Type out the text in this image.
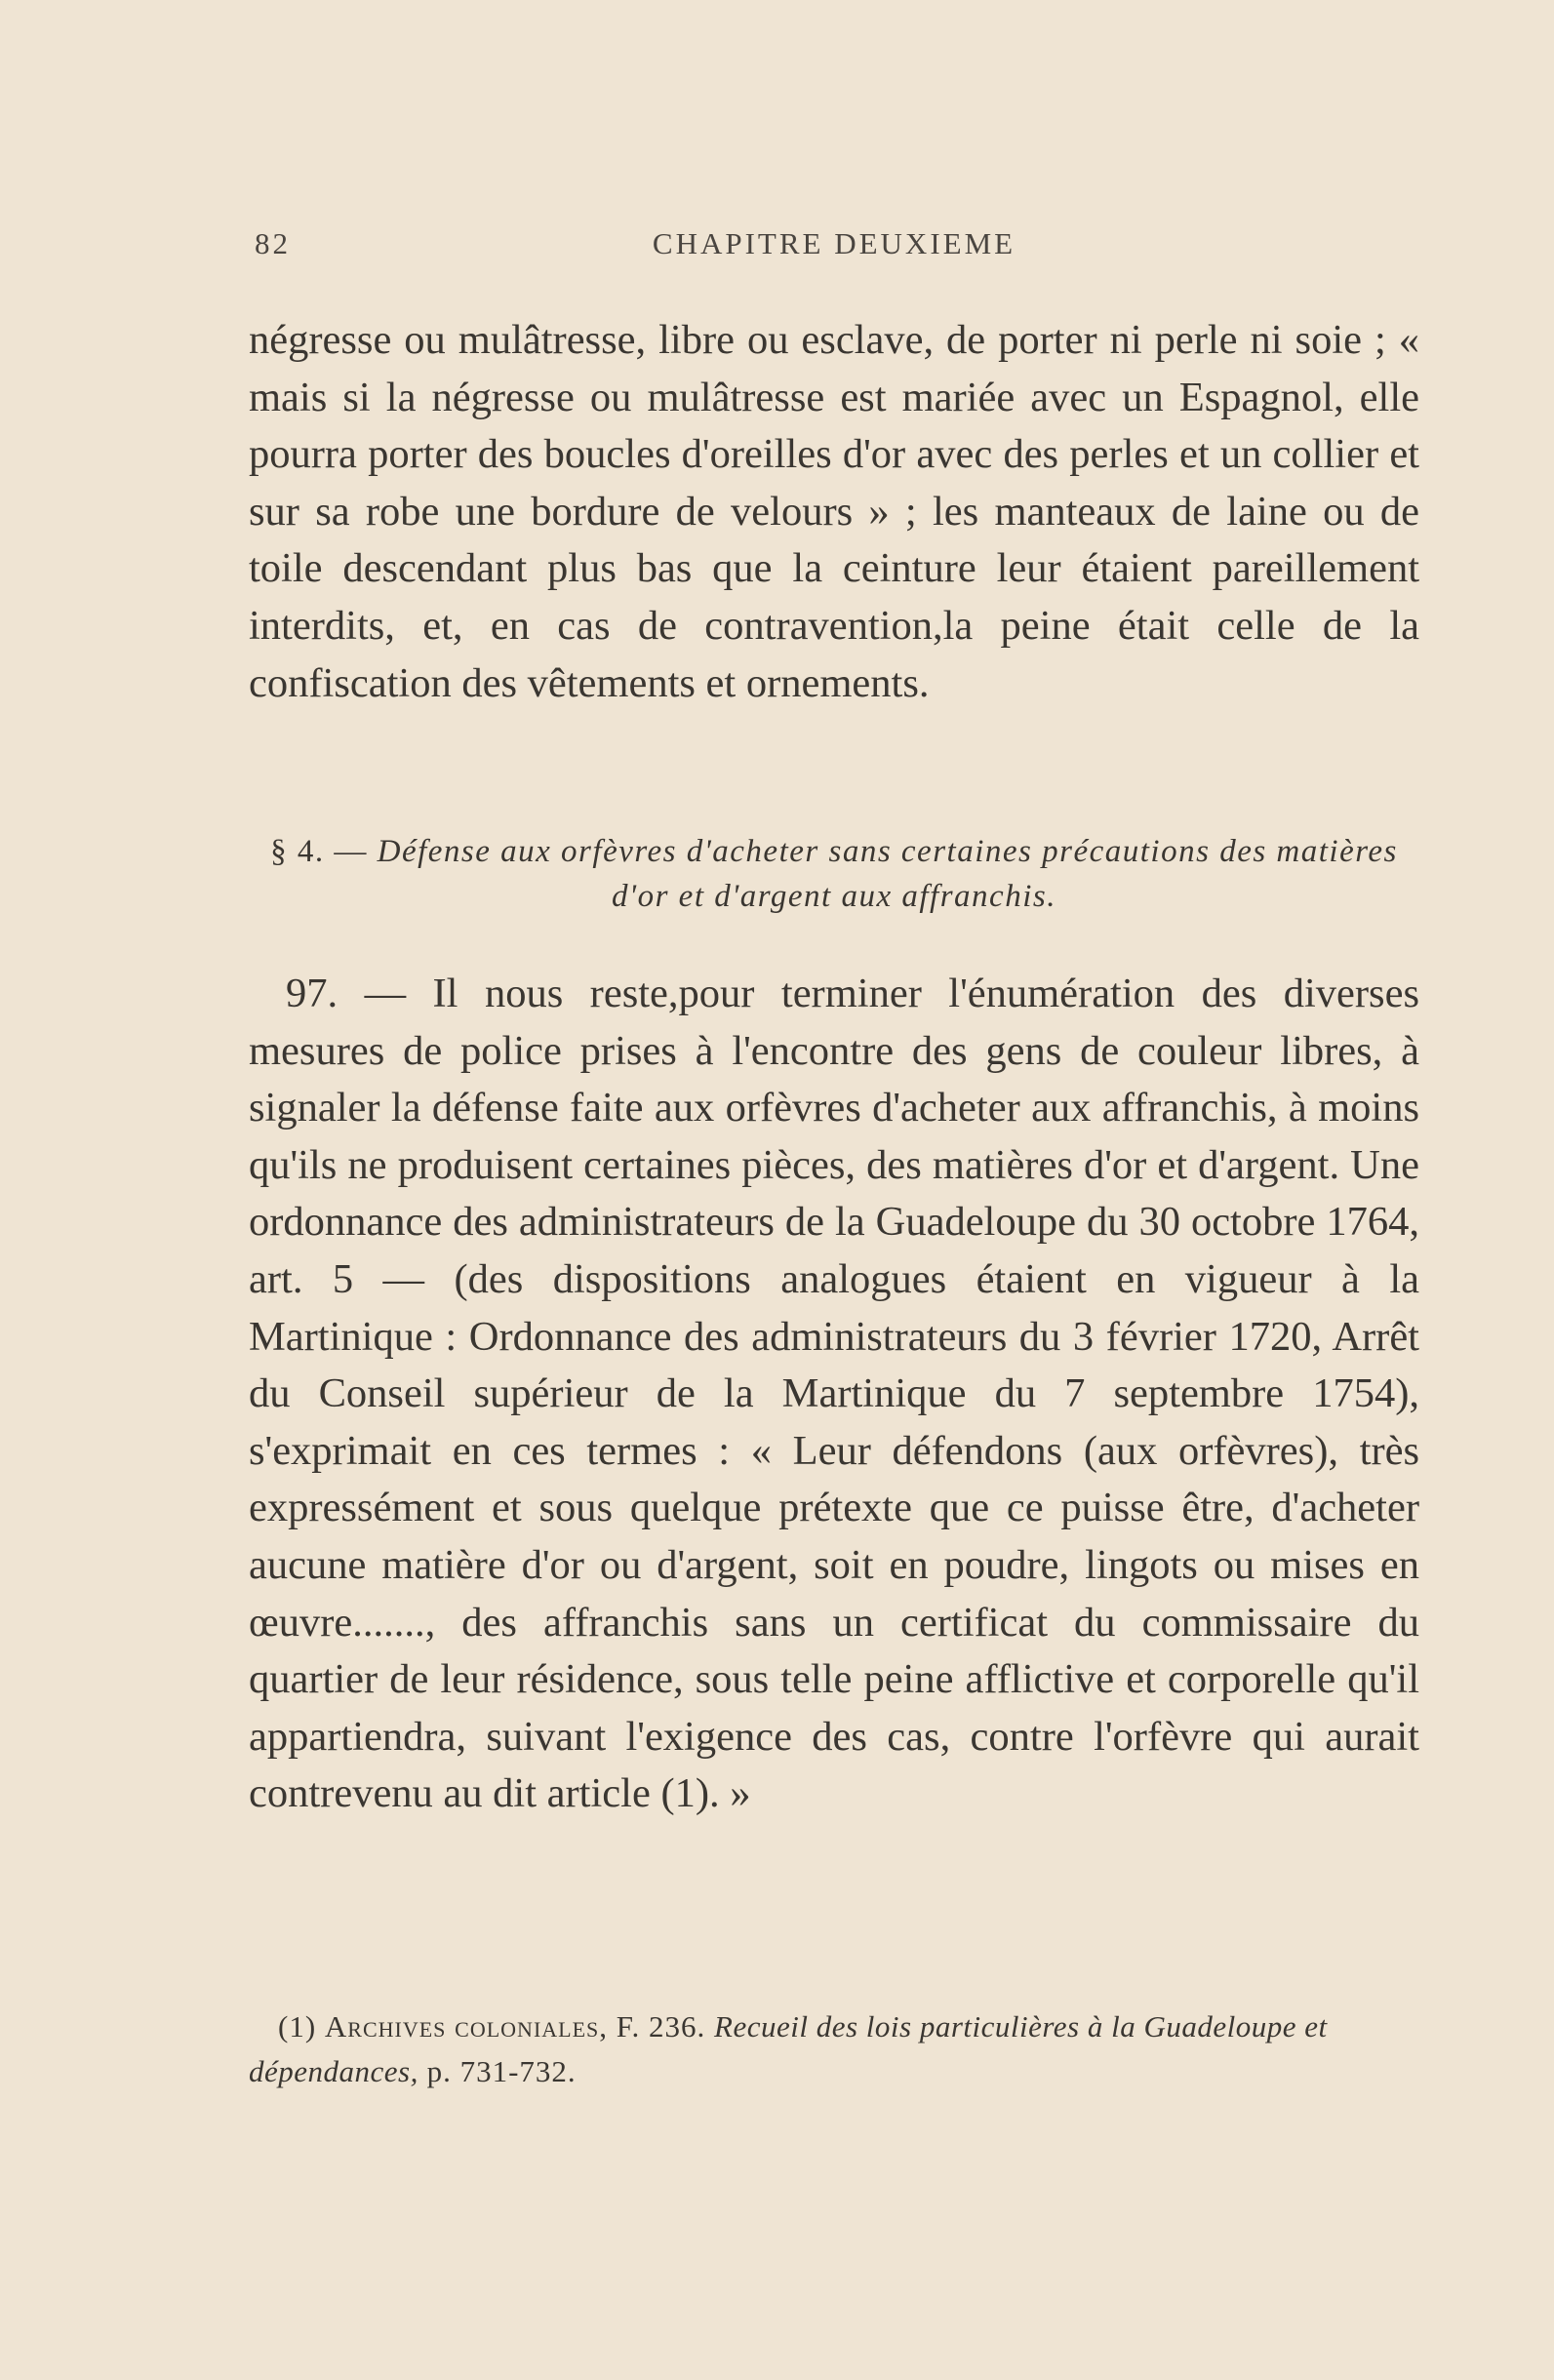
82	CHAPITRE DEUXIEME

négresse ou mulâtresse, libre ou esclave, de porter ni perle ni soie ; « mais si la négresse ou mulâtresse est mariée avec un Espagnol, elle pourra porter des boucles d'oreilles d'or avec des perles et un collier et sur sa robe une bordure de velours » ; les manteaux de laine ou de toile descendant plus bas que la ceinture leur étaient pareillement interdits, et, en cas de contravention,la peine était celle de la confiscation des vêtements et ornements.

§ 4. — Défense aux orfèvres d'acheter sans certaines précautions des matières d'or et d'argent aux affranchis.

97. — Il nous reste,pour terminer l'énumération des diverses mesures de police prises à l'encontre des gens de couleur libres, à signaler la défense faite aux orfèvres d'acheter aux affranchis, à moins qu'ils ne produisent certaines pièces, des matières d'or et d'argent. Une ordonnance des administrateurs de la Guadeloupe du 30 octobre 1764, art. 5 — (des dispositions analogues étaient en vigueur à la Martinique : Ordonnance des administrateurs du 3 février 1720, Arrêt du Conseil supérieur de la Martinique du 7 septembre 1754), s'exprimait en ces termes : « Leur défendons (aux orfèvres), très expressément et sous quelque prétexte que ce puisse être, d'acheter aucune matière d'or ou d'argent, soit en poudre, lingots ou mises en œuvre......., des affranchis sans un certificat du commissaire du quartier de leur résidence, sous telle peine afflictive et corporelle qu'il appartiendra, suivant l'exigence des cas, contre l'orfèvre qui aurait contrevenu au dit article (1). »

(1) Archives coloniales, F. 236. Recueil des lois particulières à la Guadeloupe et dépendances, p. 731-732.
